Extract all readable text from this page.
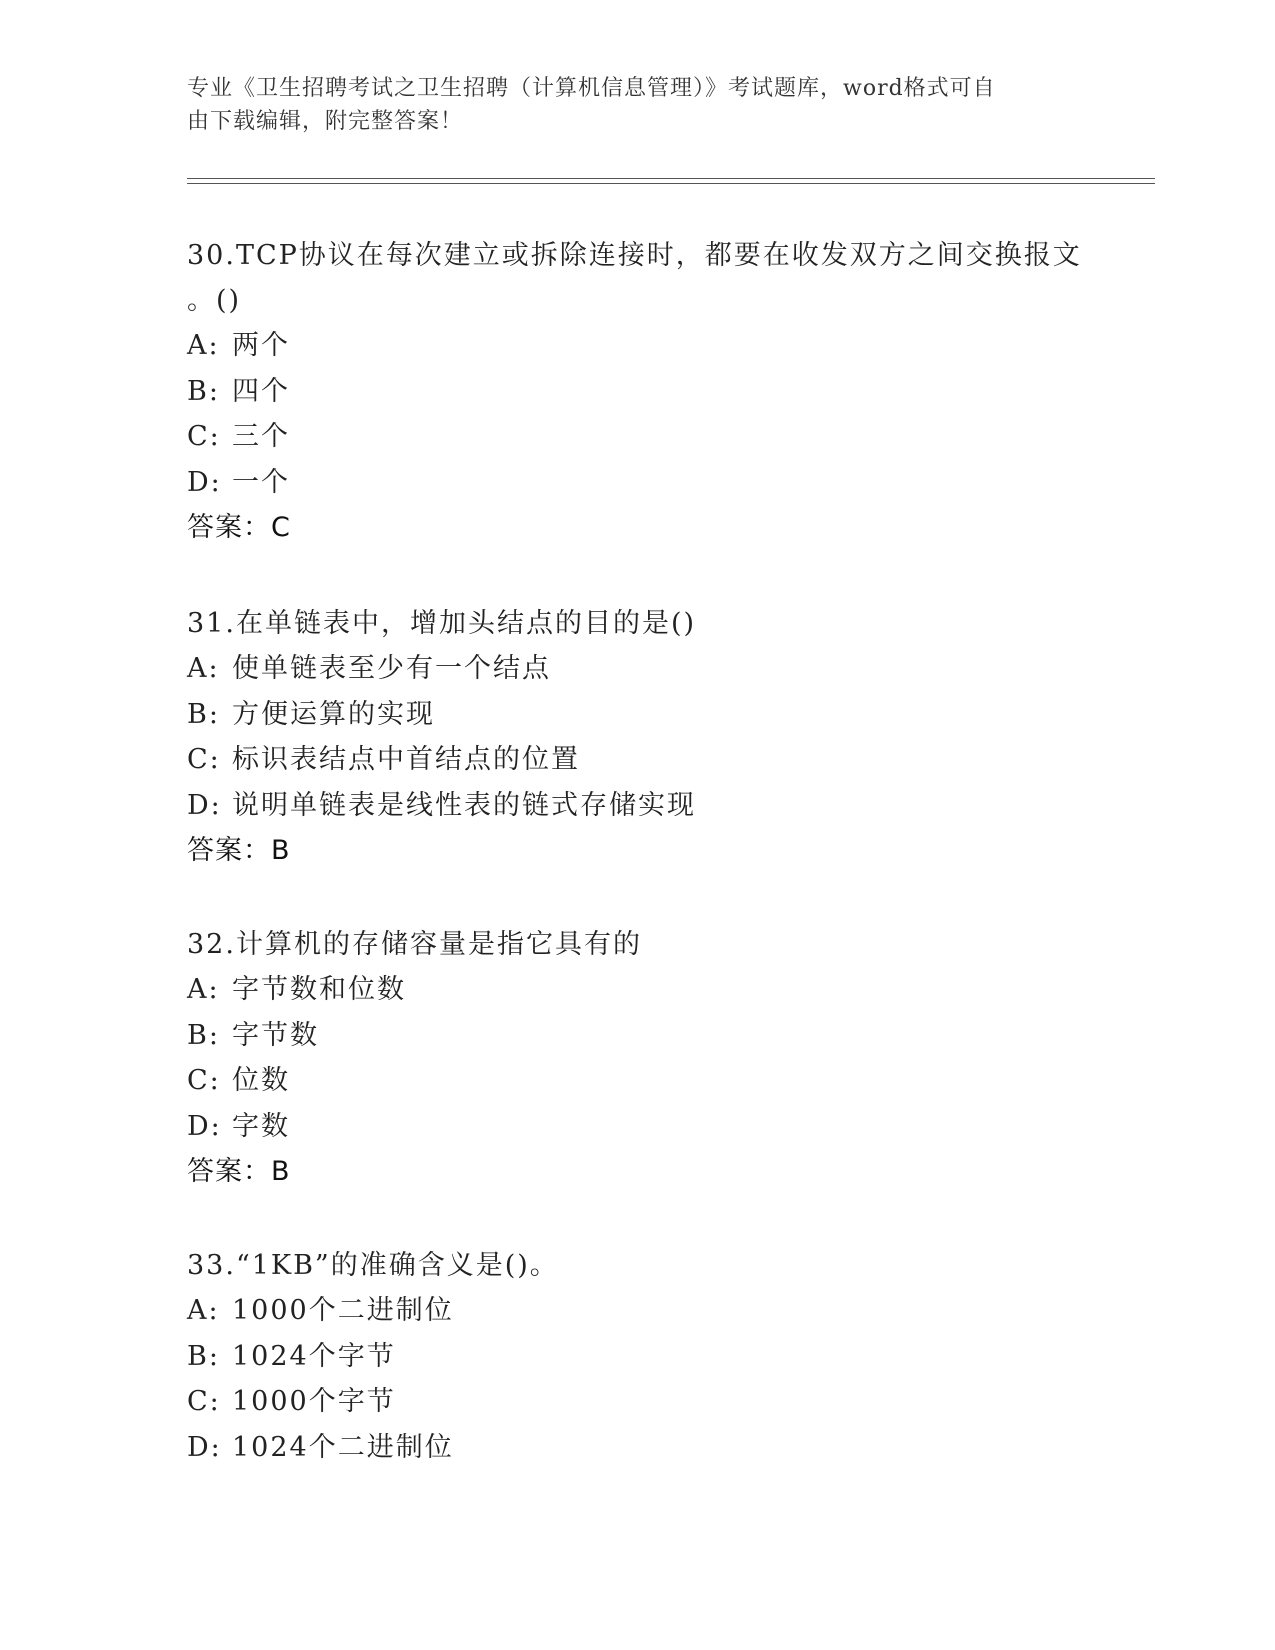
专业《卫生招聘考试之卫生招聘（计算机信息管理）》考试题库，word格式可自
由下载编辑，附完整答案！

30.TCP协议在每次建立或拆除连接时，都要在收发双方之间交换报文

。()

A: 两个

B: 四个

C: 三个

D: 一个

答案：C

31.在单链表中，增加头结点的目的是()

A: 使单链表至少有一个结点

B: 方便运算的实现

C: 标识表结点中首结点的位置

D: 说明单链表是线性表的链式存储实现

答案：B

32.计算机的存储容量是指它具有的

A: 字节数和位数

B: 字节数

C: 位数

D: 字数

答案：B

33.“1KB”的准确含义是()。

A: 1000个二进制位

B: 1024个字节

C: 1000个字节

D: 1024个二进制位
